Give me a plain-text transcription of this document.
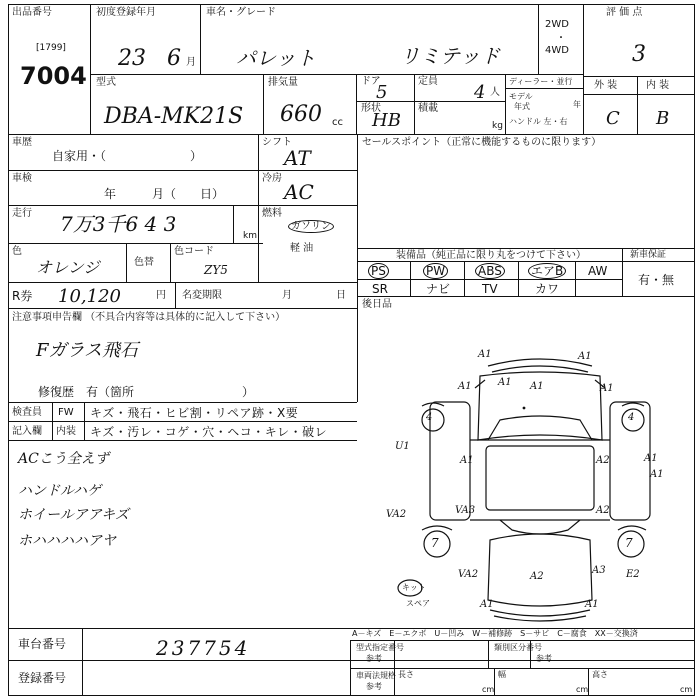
出品番号
[1799]
7004
初度登録年月
23 6 月
車名・グレード
パレット	リミテッド
2WD
・
4WD
評 価 点
3
型式
DBA-MK21S
排気量
660 cc
ドア
5
定員
4 人
形状
HB
積載
kg
ディーラー・並行
モデル
年式	年
ハンドル 左・右
外 装	内 装
C B
車歴
自家用・（　　　　　　　）
シフト
AT
車検
年　　　月（　　日）
冷房
AC
走行 7万3千6 4 3	km
燃料
ガソリン
軽 油
色
オレンジ	色替
色コード
ZY5
R券 10,120	円 名変期限	月	日
注意事項申告欄 （不具合内容等は具体的に記入して下さい）
Fガラス飛石
修復歴　 有（箇所　　　　　　　　　）
セールスポイント（正常に機能するものに限ります）
装備品（純正品に限り丸をつけて下さい）	新車保証
有・無
PS	PW	ABS エアB AW
SR	ナビ	TV	カワ
後日品
検査員
記入欄
FW
内装
キズ・飛石・ヒビ割・リペア跡・X要
キズ・汚レ・コゲ・穴・ヘコ・キレ・破レ
ACこう全えず
ハンドルハゲ
ホイールアアキズ
ホハハハハアヤ
A1	A1
A1	A1
A1 A1
A1	A2
VA3	A2
A2
A3
VA2
A1	A1
U1
VA2
A1
A1
E2
4	4
7	7
キット
スペア
A－キズ　E－エクボ　U－凹み　W－補修跡　S－サビ　C－腐食　XX－交換済
車台番号	237754
登録番号
型式指定番号
参考
類別区分番号
参考
車両法規格
参考
長さ
cm
幅
cm
高さ
cm
